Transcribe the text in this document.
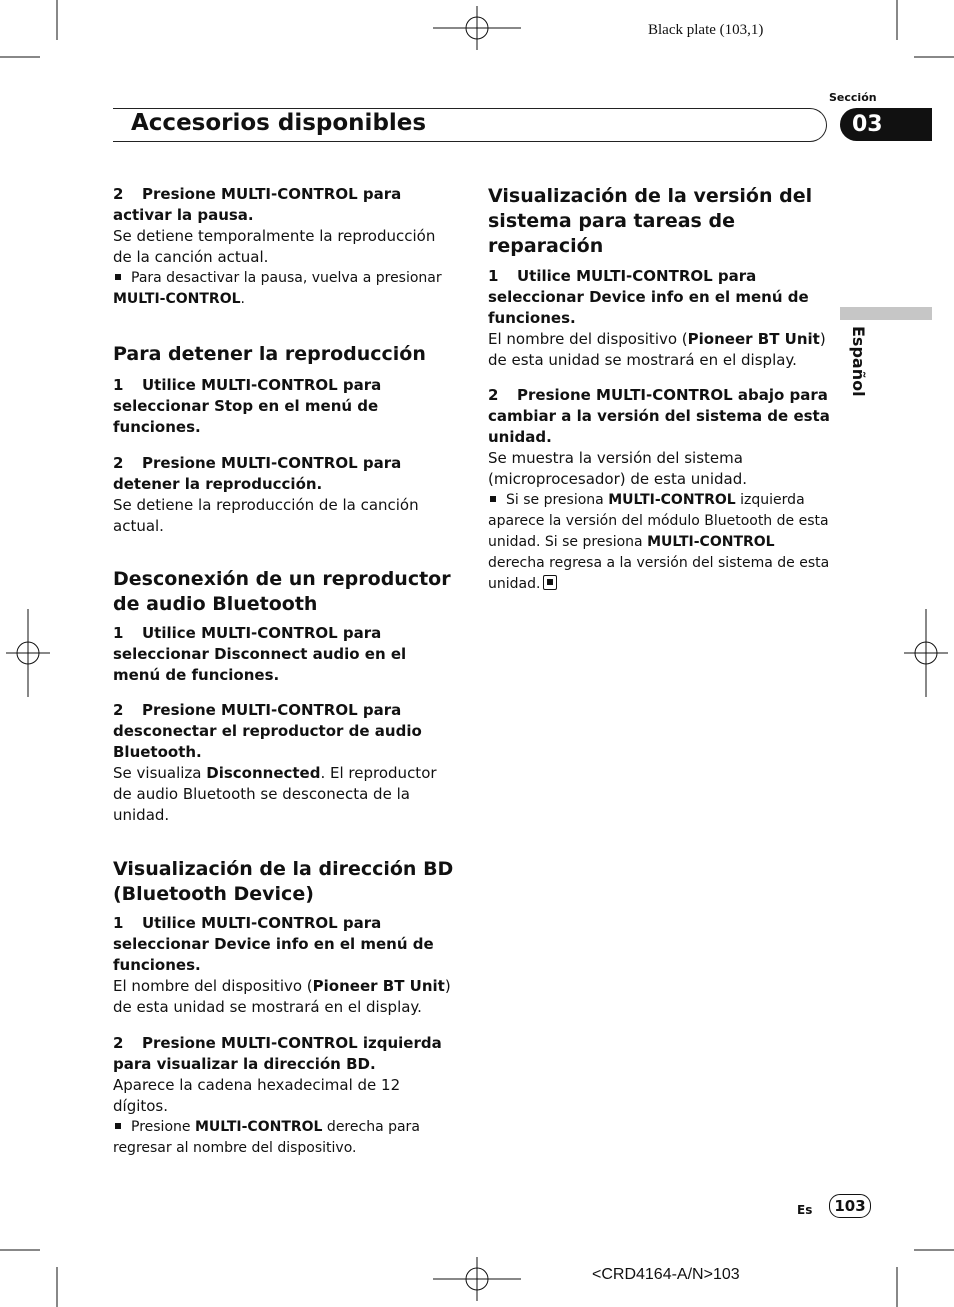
Black plate (103,1)
Sección
Accesorios disponibles	03
Español

2 Presione MULTI-CONTROL para activar la pausa.

Se detiene temporalmente la reproducción de la canción actual.

Para desactivar la pausa, vuelva a presionar MULTI-CONTROL.

Para detener la reproducción

1 Utilice MULTI-CONTROL para seleccionar Stop en el menú de funciones.

2 Presione MULTI-CONTROL para detener la reproducción.

Se detiene la reproducción de la canción actual.

Desconexión de un reproductor de audio Bluetooth

1 Utilice MULTI-CONTROL para seleccionar Disconnect audio en el menú de funciones.

2 Presione MULTI-CONTROL para desconectar el reproductor de audio Bluetooth.

Se visualiza Disconnected. El reproductor de audio Bluetooth se desconecta de la unidad.

Visualización de la dirección BD (Bluetooth Device)

1 Utilice MULTI-CONTROL para seleccionar Device info en el menú de funciones.

El nombre del dispositivo (Pioneer BT Unit) de esta unidad se mostrará en el display.

2 Presione MULTI-CONTROL izquierda para visualizar la dirección BD.

Aparece la cadena hexadecimal de 12 dígitos.

Presione MULTI-CONTROL derecha para regresar al nombre del dispositivo.

Visualización de la versión del sistema para tareas de reparación

1 Utilice MULTI-CONTROL para seleccionar Device info en el menú de funciones.

El nombre del dispositivo (Pioneer BT Unit) de esta unidad se mostrará en el display.

2 Presione MULTI-CONTROL abajo para cambiar a la versión del sistema de esta unidad.

Se muestra la versión del sistema (microprocesador) de esta unidad.

Si se presiona MULTI-CONTROL izquierda aparece la versión del módulo Bluetooth de esta unidad. Si se presiona MULTI-CONTROL derecha regresa a la versión del sistema de esta unidad.

Es	103
<CRD4164-A/N>103
